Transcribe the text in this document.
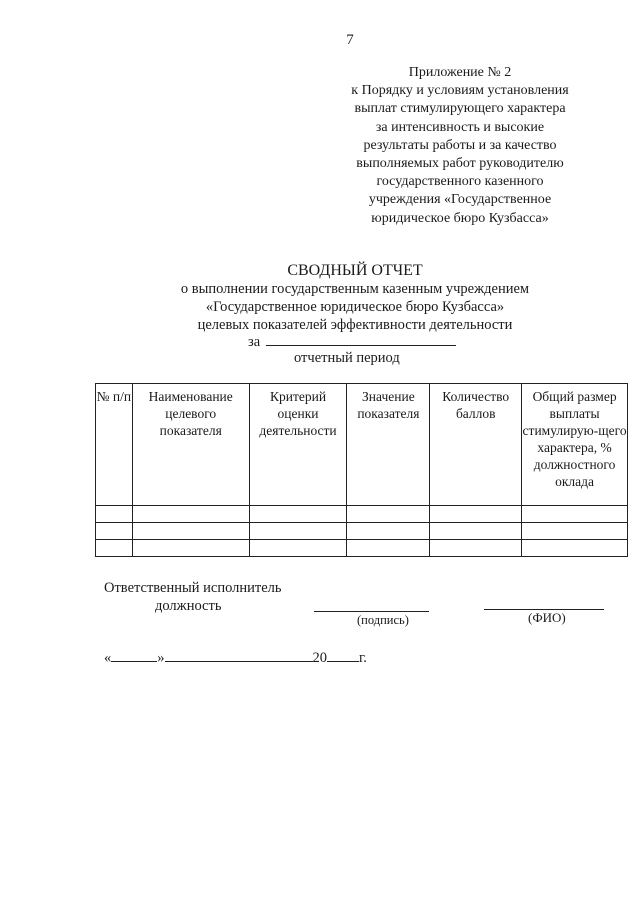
7
Приложение № 2
к Порядку и условиям установления
выплат стимулирующего характера
за интенсивность и высокие
результаты работы и за качество
выполняемых работ руководителю
государственного казенного
учреждения «Государственное
юридическое бюро Кузбасса»
СВОДНЫЙ ОТЧЕТ
о выполнении государственным казенным учреждением
«Государственное юридическое бюро Кузбасса»
целевых показателей эффективности деятельности
за
отчетный период
№ п/п	Наименование целевого показателя	Критерий оценки деятельности	Значение показателя	Количество баллов	Общий размер выплаты стимулирую-щего характера, % должностного оклада

Ответственный исполнитель
должность
(подпись)	(ФИО)
«	»	20 г.
